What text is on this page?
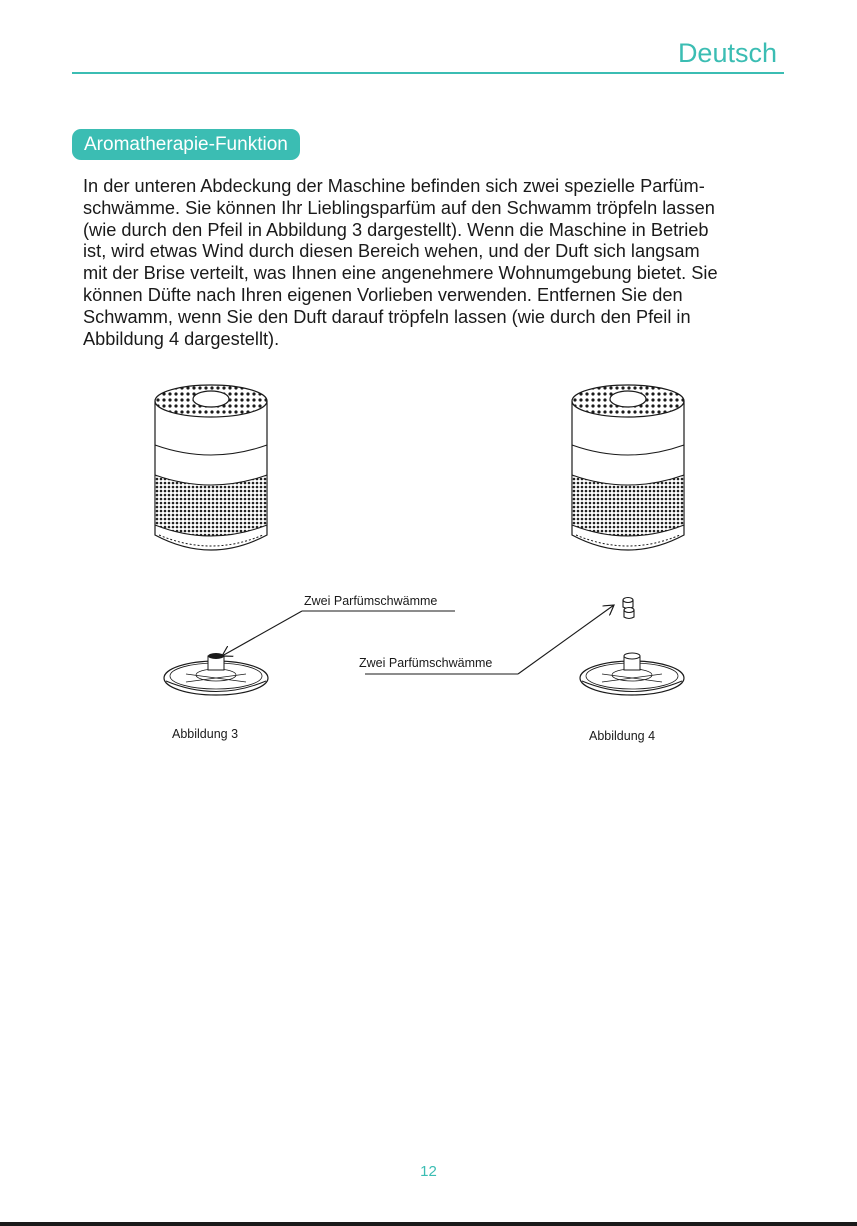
Deutsch
Aromatherapie-Funktion

In der unteren Abdeckung der Maschine befinden sich zwei spezielle Parfüm-
schwämme. Sie können Ihr Lieblingsparfüm auf den Schwamm tröpfeln lassen
(wie durch den Pfeil in Abbildung 3 dargestellt). Wenn die Maschine in Betrieb
ist, wird etwas Wind durch diesen Bereich wehen, und der Duft sich langsam
mit der Brise verteilt, was Ihnen eine angenehmere Wohnumgebung bietet. Sie
können Düfte nach Ihren eigenen Vorlieben verwenden. Entfernen Sie den
Schwamm, wenn Sie den Duft darauf tröpfeln lassen (wie durch den Pfeil in
Abbildung 4 dargestellt).

Zwei Parfümschwämme
Zwei Parfümschwämme
Abbildung 3	Abbildung 4
12
